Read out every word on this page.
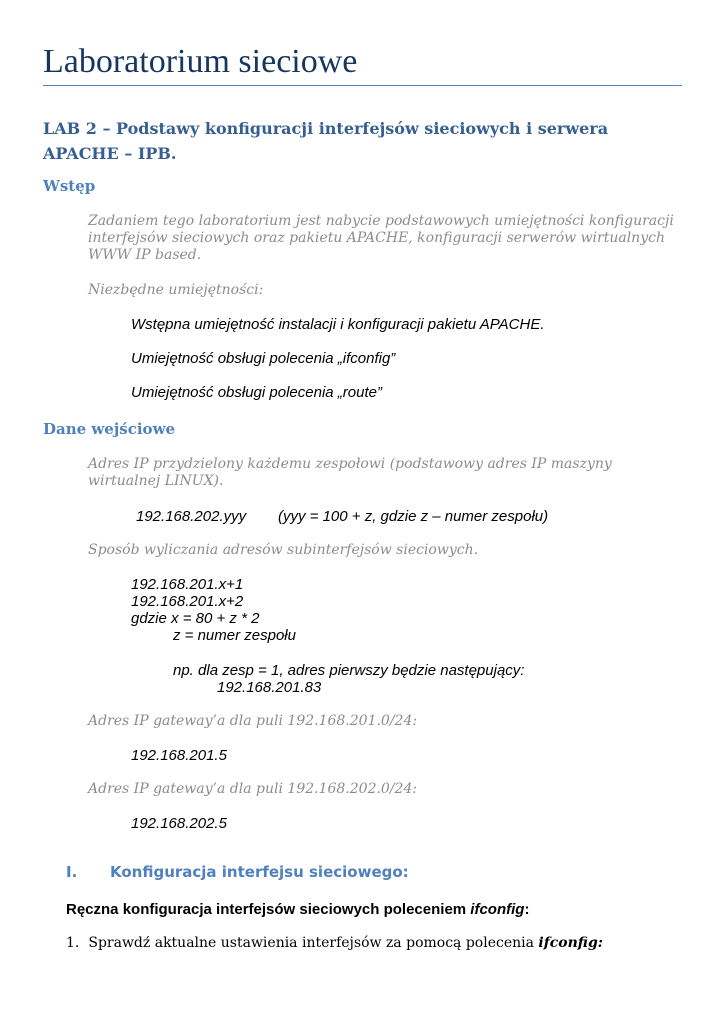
Laboratorium sieciowe
LAB 2 – Podstawy konfiguracji interfejsów sieciowych i serwera APACHE – IPB.
Wstęp
Zadaniem tego laboratorium jest nabycie podstawowych umiejętności konfiguracji interfejsów sieciowych oraz pakietu APACHE, konfiguracji serwerów wirtualnych WWW IP based.
Niezbędne umiejętności:
Wstępna umiejętność instalacji i konfiguracji pakietu APACHE.
Umiejętność obsługi polecenia „ifconfig”
Umiejętność obsługi polecenia „route”
Dane wejściowe
Adres IP przydzielony każdemu zespołowi (podstawowy adres IP maszyny wirtualnej LINUX).
192.168.202.yyy (yyy = 100 + z, gdzie z – numer zespołu)
Sposób wyliczania adresów subinterfejsów sieciowych.
192.168.201.x+1
192.168.201.x+2
gdzie x = 80 + z * 2
z = numer zespołu
np. dla zesp = 1, adres pierwszy będzie następujący:
192.168.201.83
Adres IP gateway’a dla puli 192.168.201.0/24:
192.168.201.5
Adres IP gateway’a dla puli 192.168.202.0/24:
192.168.202.5
I. Konfiguracja interfejsu sieciowego:
Ręczna konfiguracja interfejsów sieciowych poleceniem ifconfig:
1. Sprawdź aktualne ustawienia interfejsów za pomocą polecenia ifconfig:
